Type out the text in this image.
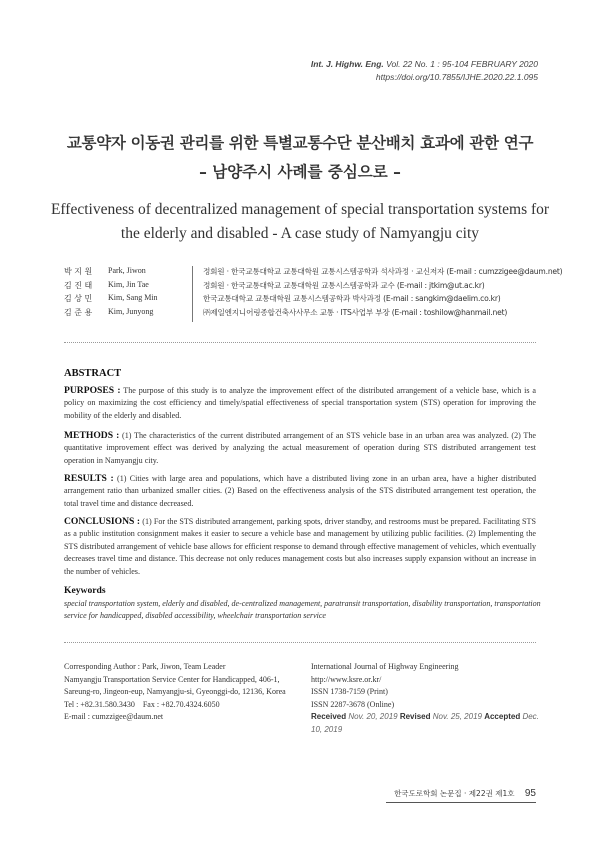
Int. J. Highw. Eng. Vol. 22 No. 1 : 95-104 FEBRUARY 2020
https://doi.org/10.7855/IJHE.2020.22.1.095
교통약자 이동권 관리를 위한 특별교통수단 분산배치 효과에 관한 연구
– 남양주시 사례를 중심으로 –
Effectiveness of decentralized management of special transportation systems for
the elderly and disabled - A case study of Namyangju city
박 지 원	Park, Jiwon	정회원 · 한국교통대학교 교통대학원 교통시스템공학과 석사과정 · 교신저자 (E-mail : cumzzigee@daum.net)
김 진 태	Kim, Jin Tae	정회원 · 한국교통대학교 교통대학원 교통시스템공학과 교수 (E-mail : jtkim@ut.ac.kr)
김 상 민	Kim, Sang Min	한국교통대학교 교통대학원 교통시스템공학과 박사과정 (E-mail : sangkim@daelim.co.kr)
김 준 용	Kim, Junyong	㈜제일엔지니어링종합건축사사무소 교통 · ITS사업부 부장 (E-mail : toshilow@hanmail.net)
ABSTRACT
PURPOSES : The purpose of this study is to analyze the improvement effect of the distributed arrangement of a vehicle base, which is a policy on maximizing the cost efficiency and timely/spatial effectiveness of special transportation system (STS) operation for improving the mobility of the elderly and disabled.
METHODS : (1) The characteristics of the current distributed arrangement of an STS vehicle base in an urban area was analyzed. (2) The quantitative improvement effect was derived by analyzing the actual measurement of operation during STS distributed arrangement test operation in Namyangju city.
RESULTS : (1) Cities with large area and populations, which have a distributed living zone in an urban area, have a higher distributed arrangement ratio than urbanized smaller cities. (2) Based on the effectiveness analysis of the STS distributed arrangement test operation, the total travel time and distance decreased.
CONCLUSIONS : (1) For the STS distributed arrangement, parking spots, driver standby, and restrooms must be prepared. Facilitating STS as a public institution consignment makes it easier to secure a vehicle base and management by utilizing public facilities. (2) Implementing the STS distributed arrangement of vehicle base allows for efficient response to demand through effective management of vehicles, which eventually decreases travel time and distance. This decrease not only reduces management costs but also increases supply expansion without an increase in the number of vehicles.
Keywords
special transportation system, elderly and disabled, de-centralized management, paratransit transportation, disability transportation, transportation service for handicapped, disabled accessibility, wheelchair transportation service
Corresponding Author : Park, Jiwon, Team Leader
Namyangju Transportation Service Center for Handicapped, 406-1,
Sareung-ro, Jingeon-eup, Namyangju-si, Gyeonggi-do, 12136, Korea
Tel : +82.31.580.3430    Fax : +82.70.4324.6050
E-mail : cumzzigee@daum.net
International Journal of Highway Engineering
http://www.ksre.or.kr/
ISSN 1738-7159 (Print)
ISSN 2287-3678 (Online)
Received Nov. 20, 2019 Revised Nov. 25, 2019 Accepted Dec. 10, 2019
한국도로학회 논문집 · 제22권 제1호 95
